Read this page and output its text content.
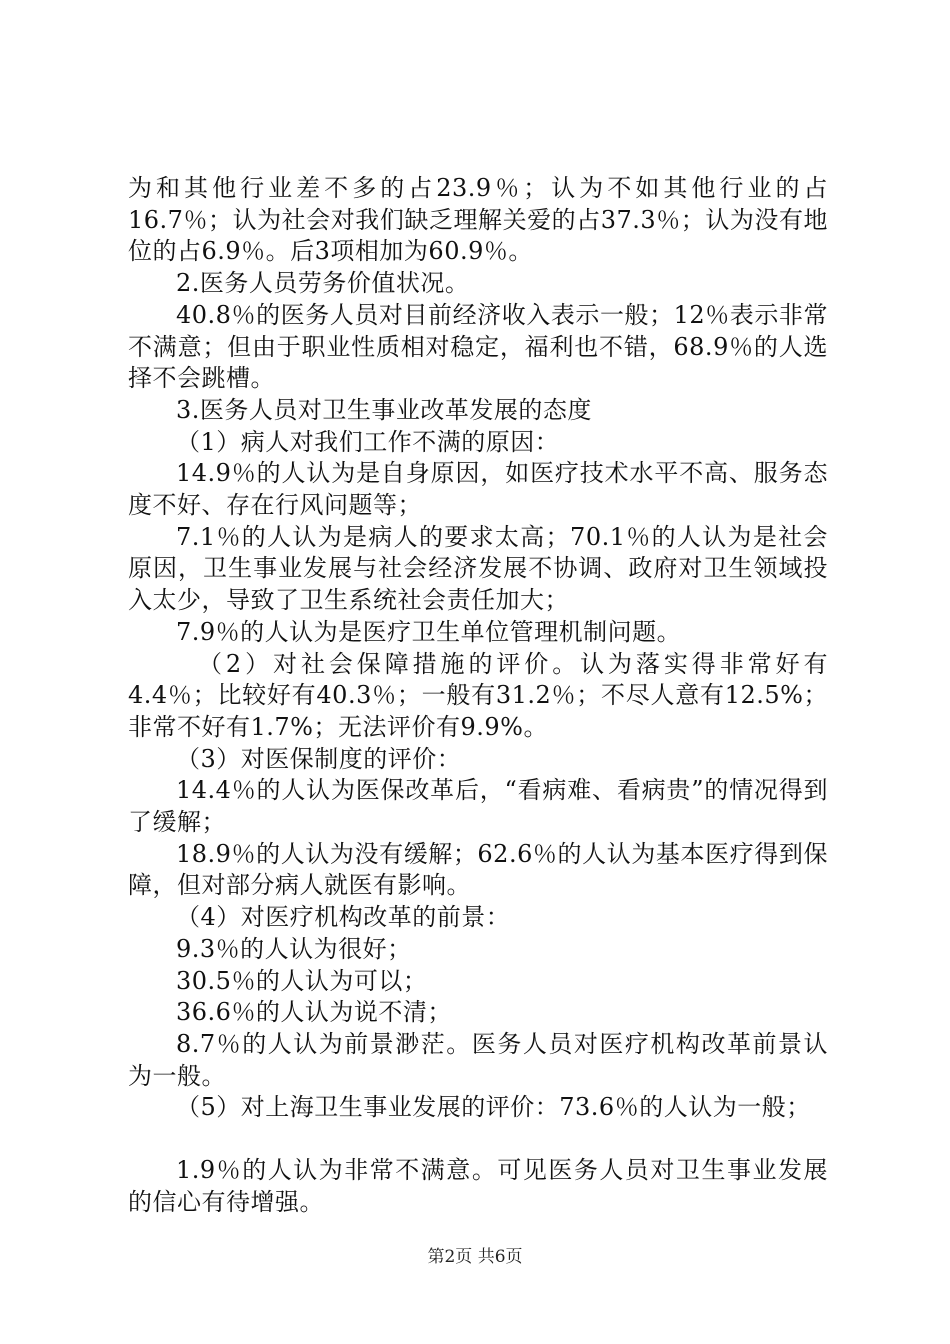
为和其他行业差不多的占23.9％；认为不如其他行业的占16.7％；认为社会对我们缺乏理解关爱的占37.3％；认为没有地位的占6.9％。后3项相加为60.9％。

2.医务人员劳务价值状况。

40.8％的医务人员对目前经济收入表示一般；12％表示非常不满意；但由于职业性质相对稳定，福利也不错，68.9％的人选择不会跳槽。

3.医务人员对卫生事业改革发展的态度

（1）病人对我们工作不满的原因：

14.9％的人认为是自身原因，如医疗技术水平不高、服务态度不好、存在行风问题等；

7.1％的人认为是病人的要求太高；70.1％的人认为是社会原因，卫生事业发展与社会经济发展不协调、政府对卫生领域投入太少，导致了卫生系统社会责任加大；

7.9％的人认为是医疗卫生单位管理机制问题。

（2）对社会保障措施的评价。认为落实得非常好有4.4％；比较好有40.3％；一般有31.2％；不尽人意有12.5%；非常不好有1.7%；无法评价有9.9%。

（3）对医保制度的评价：

14.4％的人认为医保改革后，“看病难、看病贵”的情况得到了缓解；

18.9％的人认为没有缓解；62.6％的人认为基本医疗得到保障，但对部分病人就医有影响。

（4）对医疗机构改革的前景：

9.3％的人认为很好；

30.5％的人认为可以；

36.6％的人认为说不清；

8.7％的人认为前景渺茫。医务人员对医疗机构改革前景认为一般。

（5）对上海卫生事业发展的评价：73.6％的人认为一般；

1.9％的人认为非常不满意。可见医务人员对卫生事业发展的信心有待增强。

第2页 共6页
